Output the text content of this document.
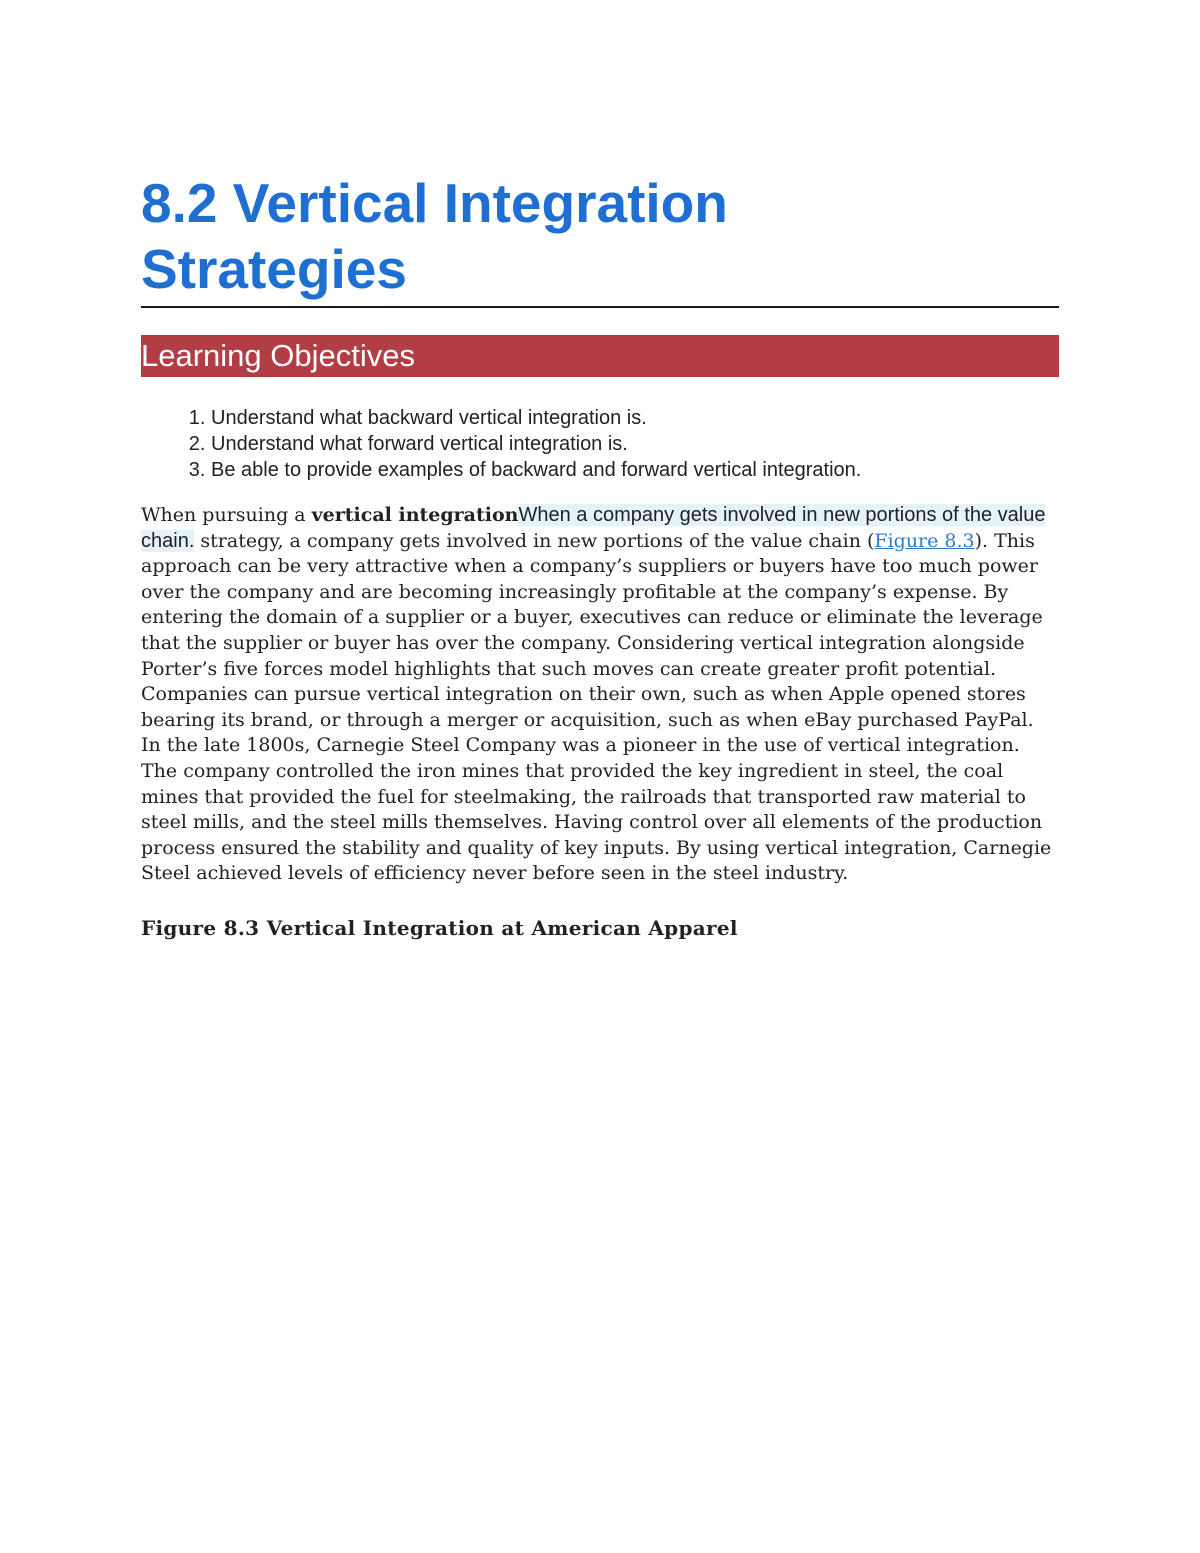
8.2 Vertical Integration
Strategies
Learning Objectives
1. Understand what backward vertical integration is.
2. Understand what forward vertical integration is.
3. Be able to provide examples of backward and forward vertical integration.

When pursuing a vertical integrationWhen a company gets involved in new portions of the value chain. strategy, a company gets involved in new portions of the value chain (Figure 8.3). This approach can be very attractive when a company’s suppliers or buyers have too much power over the company and are becoming increasingly profitable at the company’s expense. By entering the domain of a supplier or a buyer, executives can reduce or eliminate the leverage that the supplier or buyer has over the company. Considering vertical integration alongside Porter’s five forces model highlights that such moves can create greater profit potential. Companies can pursue vertical integration on their own, such as when Apple opened stores bearing its brand, or through a merger or acquisition, such as when eBay purchased PayPal.

In the late 1800s, Carnegie Steel Company was a pioneer in the use of vertical integration. The company controlled the iron mines that provided the key ingredient in steel, the coal mines that provided the fuel for steelmaking, the railroads that transported raw material to steel mills, and the steel mills themselves. Having control over all elements of the production process ensured the stability and quality of key inputs. By using vertical integration, Carnegie Steel achieved levels of efficiency never before seen in the steel industry.

Figure 8.3 Vertical Integration at American Apparel
